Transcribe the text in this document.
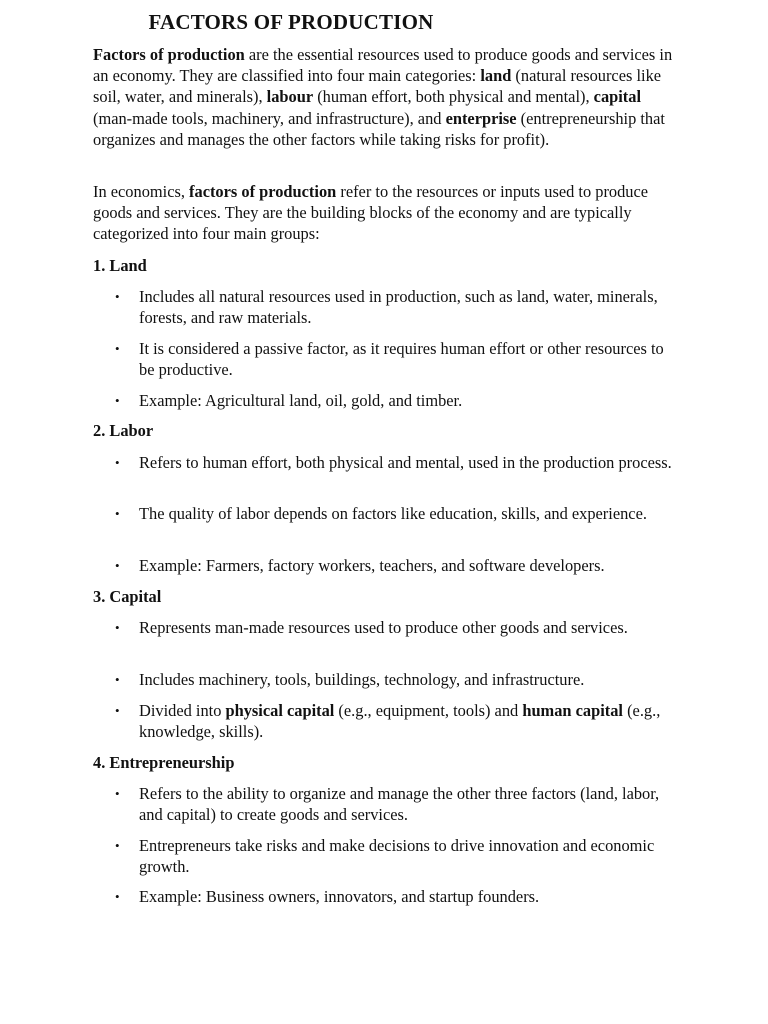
FACTORS OF PRODUCTION

Factors of production are the essential resources used to produce goods and services in an economy. They are classified into four main categories: land (natural resources like soil, water, and minerals), labour (human effort, both physical and mental), capital (man-made tools, machinery, and infrastructure), and enterprise (entrepreneurship that organizes and manages the other factors while taking risks for profit).

In economics, factors of production refer to the resources or inputs used to produce goods and services. They are the building blocks of the economy and are typically categorized into four main groups:

1. Land
• Includes all natural resources used in production, such as land, water, minerals, forests, and raw materials.
• It is considered a passive factor, as it requires human effort or other resources to be productive.
• Example: Agricultural land, oil, gold, and timber.
2. Labor
• Refers to human effort, both physical and mental, used in the production process.
• The quality of labor depends on factors like education, skills, and experience.
• Example: Farmers, factory workers, teachers, and software developers.
3. Capital
• Represents man-made resources used to produce other goods and services.
• Includes machinery, tools, buildings, technology, and infrastructure.
• Divided into physical capital (e.g., equipment, tools) and human capital (e.g., knowledge, skills).
4. Entrepreneurship
• Refers to the ability to organize and manage the other three factors (land, labor, and capital) to create goods and services.
• Entrepreneurs take risks and make decisions to drive innovation and economic growth.
• Example: Business owners, innovators, and startup founders.
